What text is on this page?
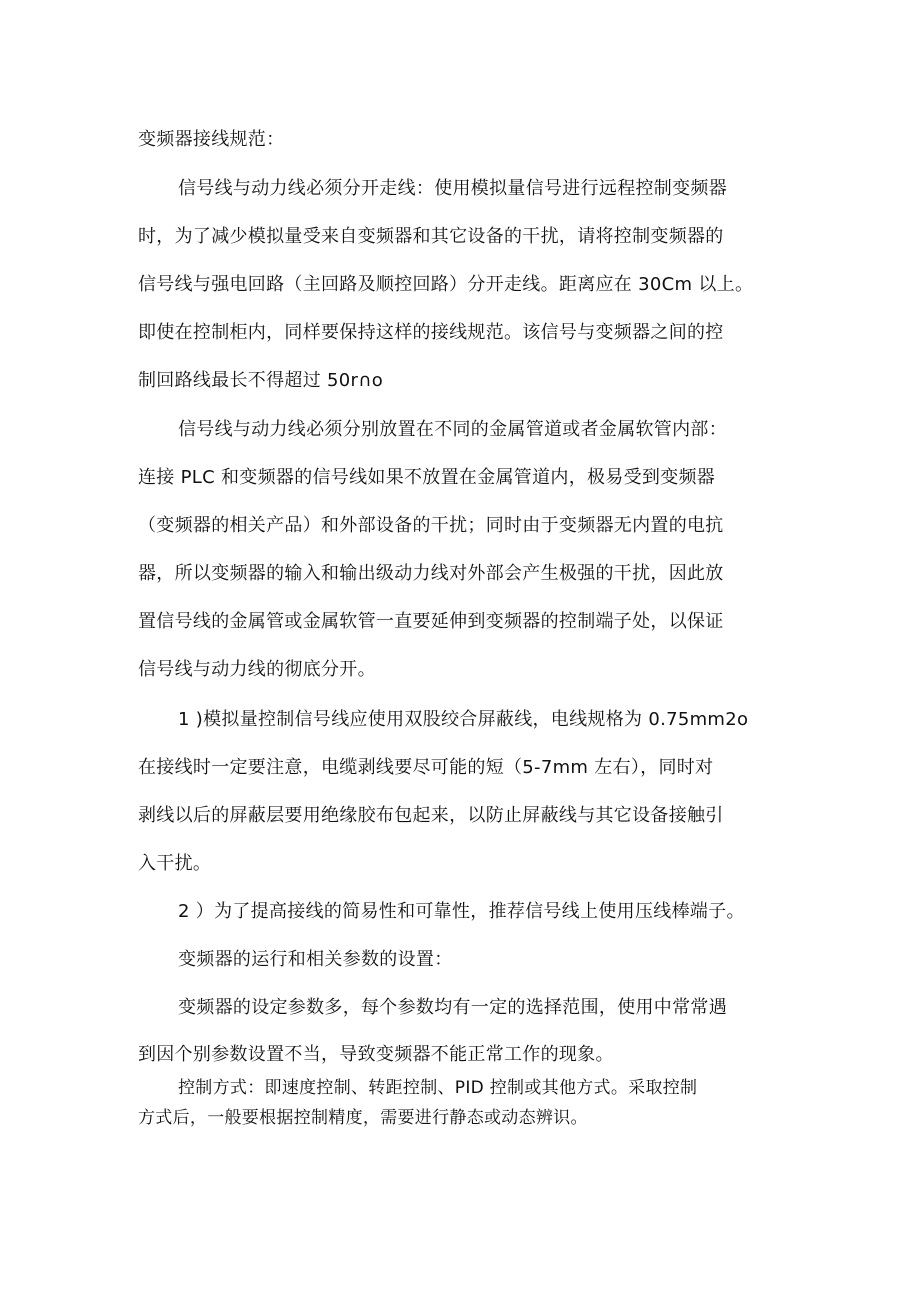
变频器接线规范：
信号线与动力线必须分开走线：使用模拟量信号进行远程控制变频器
时，为了减少模拟量受来自变频器和其它设备的干扰，请将控制变频器的
信号线与强电回路（主回路及顺控回路）分开走线。距离应在 30Cm 以上。
即使在控制柜内，同样要保持这样的接线规范。该信号与变频器之间的控
制回路线最长不得超过 50r∩o
信号线与动力线必须分别放置在不同的金属管道或者金属软管内部：
连接 PLC 和变频器的信号线如果不放置在金属管道内，极易受到变频器
（变频器的相关产品）和外部设备的干扰；同时由于变频器无内置的电抗
器，所以变频器的输入和输出级动力线对外部会产生极强的干扰，因此放
置信号线的金属管或金属软管一直要延伸到变频器的控制端子处，以保证
信号线与动力线的彻底分开。
1 )模拟量控制信号线应使用双股绞合屏蔽线，电线规格为 0.75mm2o
在接线时一定要注意，电缆剥线要尽可能的短（5-7mm 左右），同时对
剥线以后的屏蔽层要用绝缘胶布包起来，以防止屏蔽线与其它设备接触引
入干扰。
2 ）为了提高接线的简易性和可靠性，推荐信号线上使用压线棒端子。
变频器的运行和相关参数的设置：
变频器的设定参数多，每个参数均有一定的选择范围，使用中常常遇
到因个别参数设置不当，导致变频器不能正常工作的现象。
控制方式：即速度控制、转距控制、PID 控制或其他方式。采取控制
方式后，一般要根据控制精度，需要进行静态或动态辨识。
